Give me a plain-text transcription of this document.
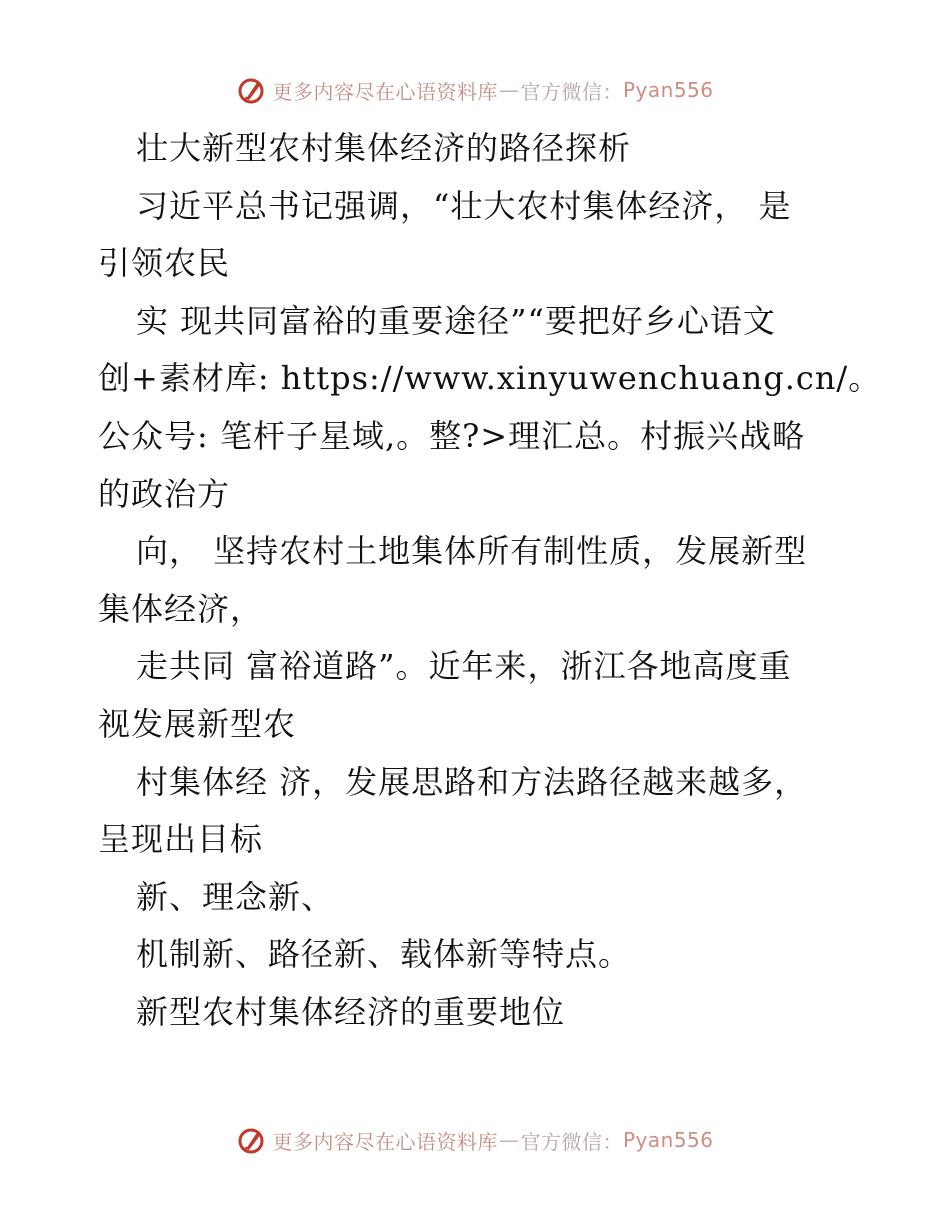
更多内容尽在心语资料库 — 官方微信： Pyan556
壮大新型农村集体经济的路径探析
习近平总书记强调，“壮大农村集体经济， 是
引领农民
实 现共同富裕的重要途径”“要把好乡心语文
创+素材库: https://www.xinyuwenchuang.cn/。
公众号: 笔杆子星域,。整?>理汇总。村振兴战略
的政治方
向， 坚持农村土地集体所有制性质，发展新型
集体经济，
走共同 富裕道路”。近年来，浙江各地高度重
视发展新型农
村集体经 济，发展思路和方法路径越来越多，
呈现出目标
新、理念新、
机制新、路径新、载体新等特点。
新型农村集体经济的重要地位
更多内容尽在心语资料库 — 官方微信： Pyan556
